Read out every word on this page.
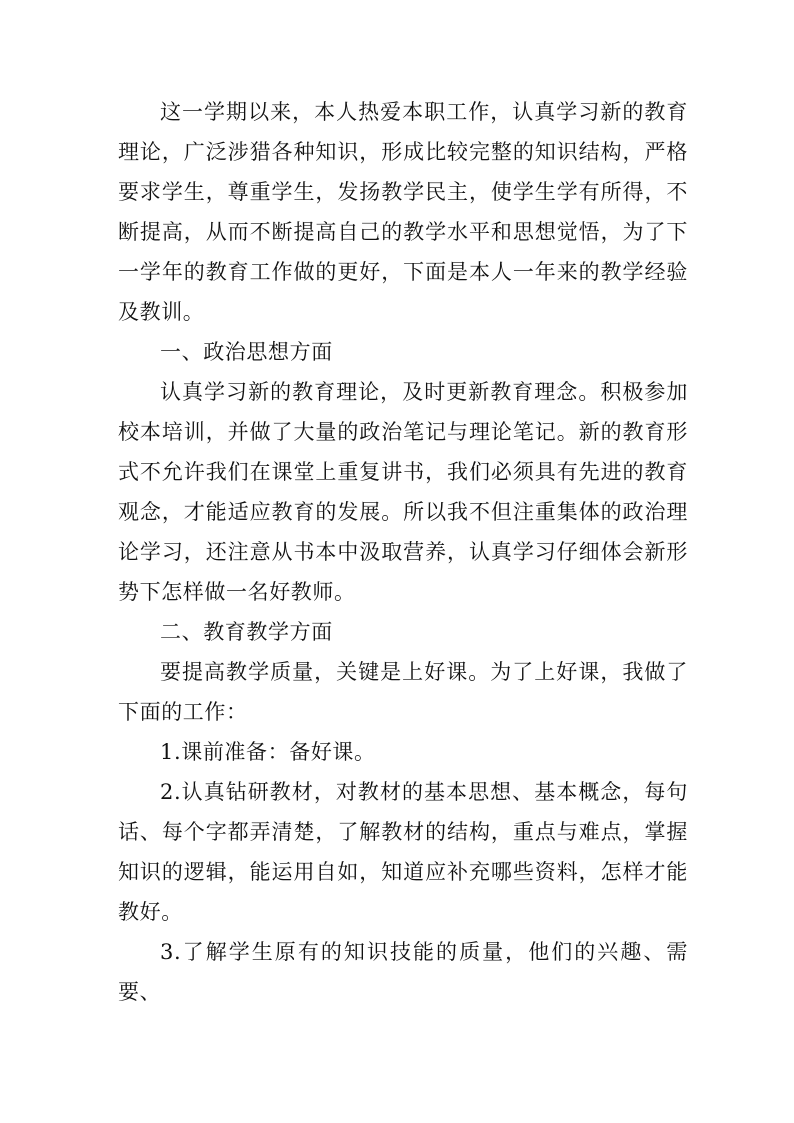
这一学期以来，本人热爱本职工作，认真学习新的教育理论，广泛涉猎各种知识，形成比较完整的知识结构，严格要求学生，尊重学生，发扬教学民主，使学生学有所得，不断提高，从而不断提高自己的教学水平和思想觉悟，为了下一学年的教育工作做的更好，下面是本人一年来的教学经验及教训。

一、政治思想方面

认真学习新的教育理论，及时更新教育理念。积极参加校本培训，并做了大量的政治笔记与理论笔记。新的教育形式不允许我们在课堂上重复讲书，我们必须具有先进的教育观念，才能适应教育的发展。所以我不但注重集体的政治理论学习，还注意从书本中汲取营养，认真学习仔细体会新形势下怎样做一名好教师。

二、教育教学方面

要提高教学质量，关键是上好课。为了上好课，我做了下面的工作：

1.课前准备：备好课。

2.认真钻研教材，对教材的基本思想、基本概念，每句话、每个字都弄清楚，了解教材的结构，重点与难点，掌握知识的逻辑，能运用自如，知道应补充哪些资料，怎样才能教好。

3.了解学生原有的知识技能的质量，他们的兴趣、需要、
